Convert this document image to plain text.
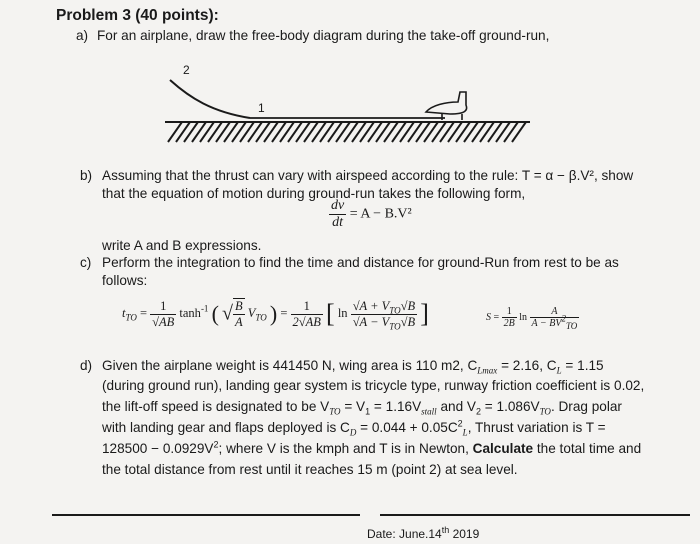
Problem 3 (40 points):
a) For an airplane, draw the free-body diagram during the take-off ground-run,
2
1
b) Assuming that the thrust can vary with airspeed according to the rule: T = α − β.V², show
that the equation of motion during ground-run takes the following form,
$\frac{dv}{dt} = A - B.V^2$
write A and B expressions.
c) Perform the integration to find the time and distance for ground-Run from rest to be as
follows:
$t_{TO} = \frac{1}{√AB} \tanh^{-1}$ ( √ $\frac{B}{A} V_{TO}$ ) = $\frac{1}{2√AB}$ [ $\ln \frac{√A + V_{TO}√B}{√A - V_{TO}√B}$ ]	$S = \frac{1}{2B}$ $\ln \frac{A}{A - BV^2_{TO}}$
d) Given the airplane weight is 441450 N, wing area is 110 m2, $C_{Lmax} = 2.16$, $C_L = 1.15$
(during ground run), landing gear system is tricycle type, runway friction coefficient is 0.02,
the lift-off speed is designated to be $V_{TO} = V_1 = 1.16V_{stall}$ and $V_2 = 1.086V_{TO}$. Drag polar
with landing gear and flaps deployed is $C_D = 0.044 + 0.05C^2_L$, Thrust variation is T =
$128500 - 0.0929V^2$; where V is the kmph and T is in Newton, Calculate the total time and
the total distance from rest until it reaches 15 m (point 2) at sea level.
Date: June.14th 2019
